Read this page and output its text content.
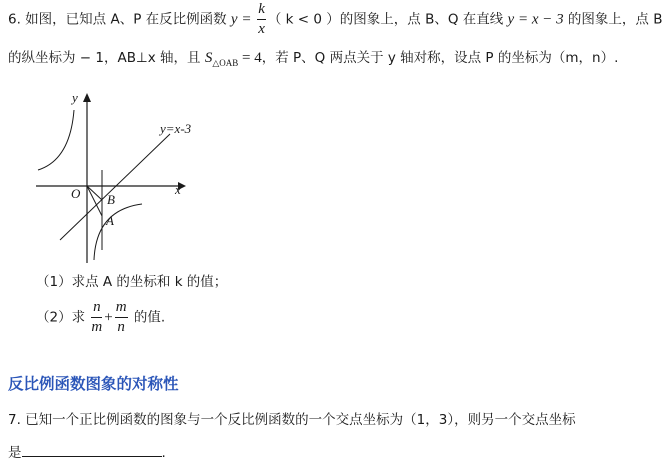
6. 如图，已知点 A、P 在反比例函数 $y = \frac{k}{x}$ （ k < 0 ）的图象上，点 B、Q 在直线 y = x − 3 的图象上，点 B
的纵坐标为 − 1，AB⊥x 轴，且 $S_{\triangle OAB} = 4$，若 P、Q 两点关于 y 轴对称，设点 P 的坐标为（m，n）.
y
x
O B
A
y=x-3
（1）求点 A 的坐标和 k 的值；
（2）求 $\frac{n}{m} + \frac{m}{n}$ 的值.
反比例函数图象的对称性
7. 已知一个正比例函数的图象与一个反比例函数的一个交点坐标为（1，3），则另一个交点坐标
是	.
